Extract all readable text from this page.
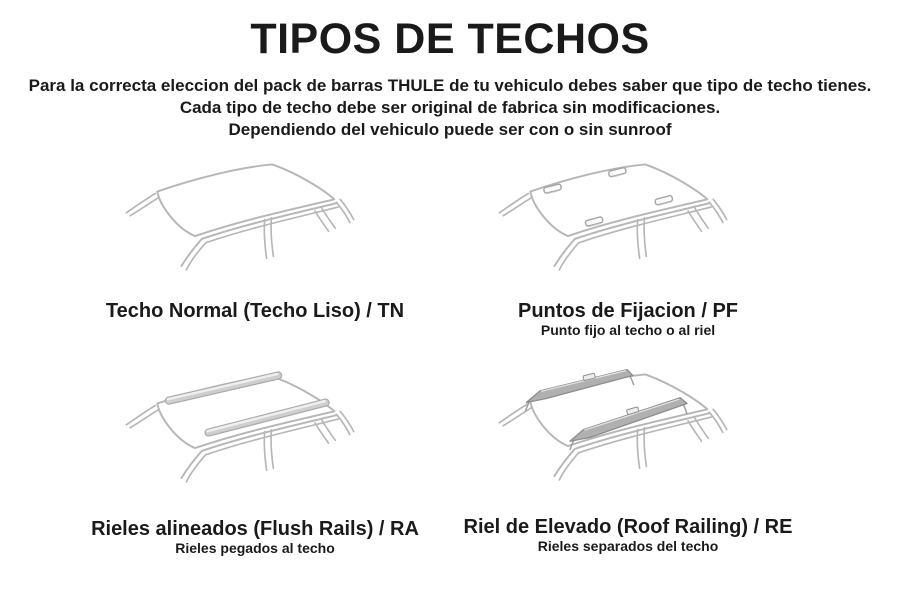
TIPOS DE TECHOS
Para la correcta eleccion del pack de barras THULE de tu vehiculo debes saber que tipo de techo tienes.
Cada tipo de techo debe ser original de fabrica sin modificaciones.
Dependiendo del vehiculo puede ser con o sin sunroof

Techo Normal (Techo Liso) / TN	Puntos de Fijacion / PF

Punto fijo al techo o al riel

Rieles alineados (Flush Rails) / RA

Rieles pegados al techo

Riel de Elevado (Roof Railing) / RE

Rieles separados del techo
